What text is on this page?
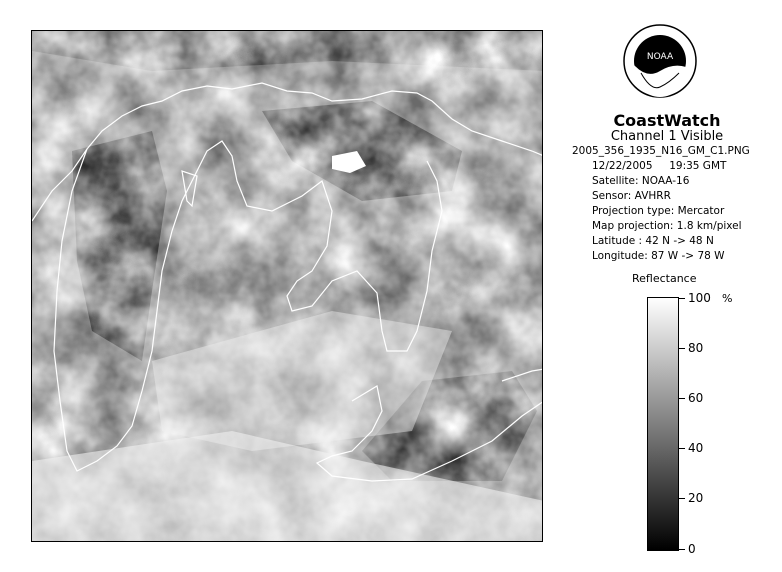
NOAA
CoastWatch
Channel 1 Visible
2005_356_1935_N16_GM_C1.PNG
12/22/2005     19:35 GMT
Satellite: NOAA-16
Sensor: AVHRR
Projection type: Mercator
Map projection: 1.8 km/pixel
Latitude : 42 N -> 48 N
Longitude: 87 W -> 78 W
Reflectance
%
100
80
60
40
20
0
